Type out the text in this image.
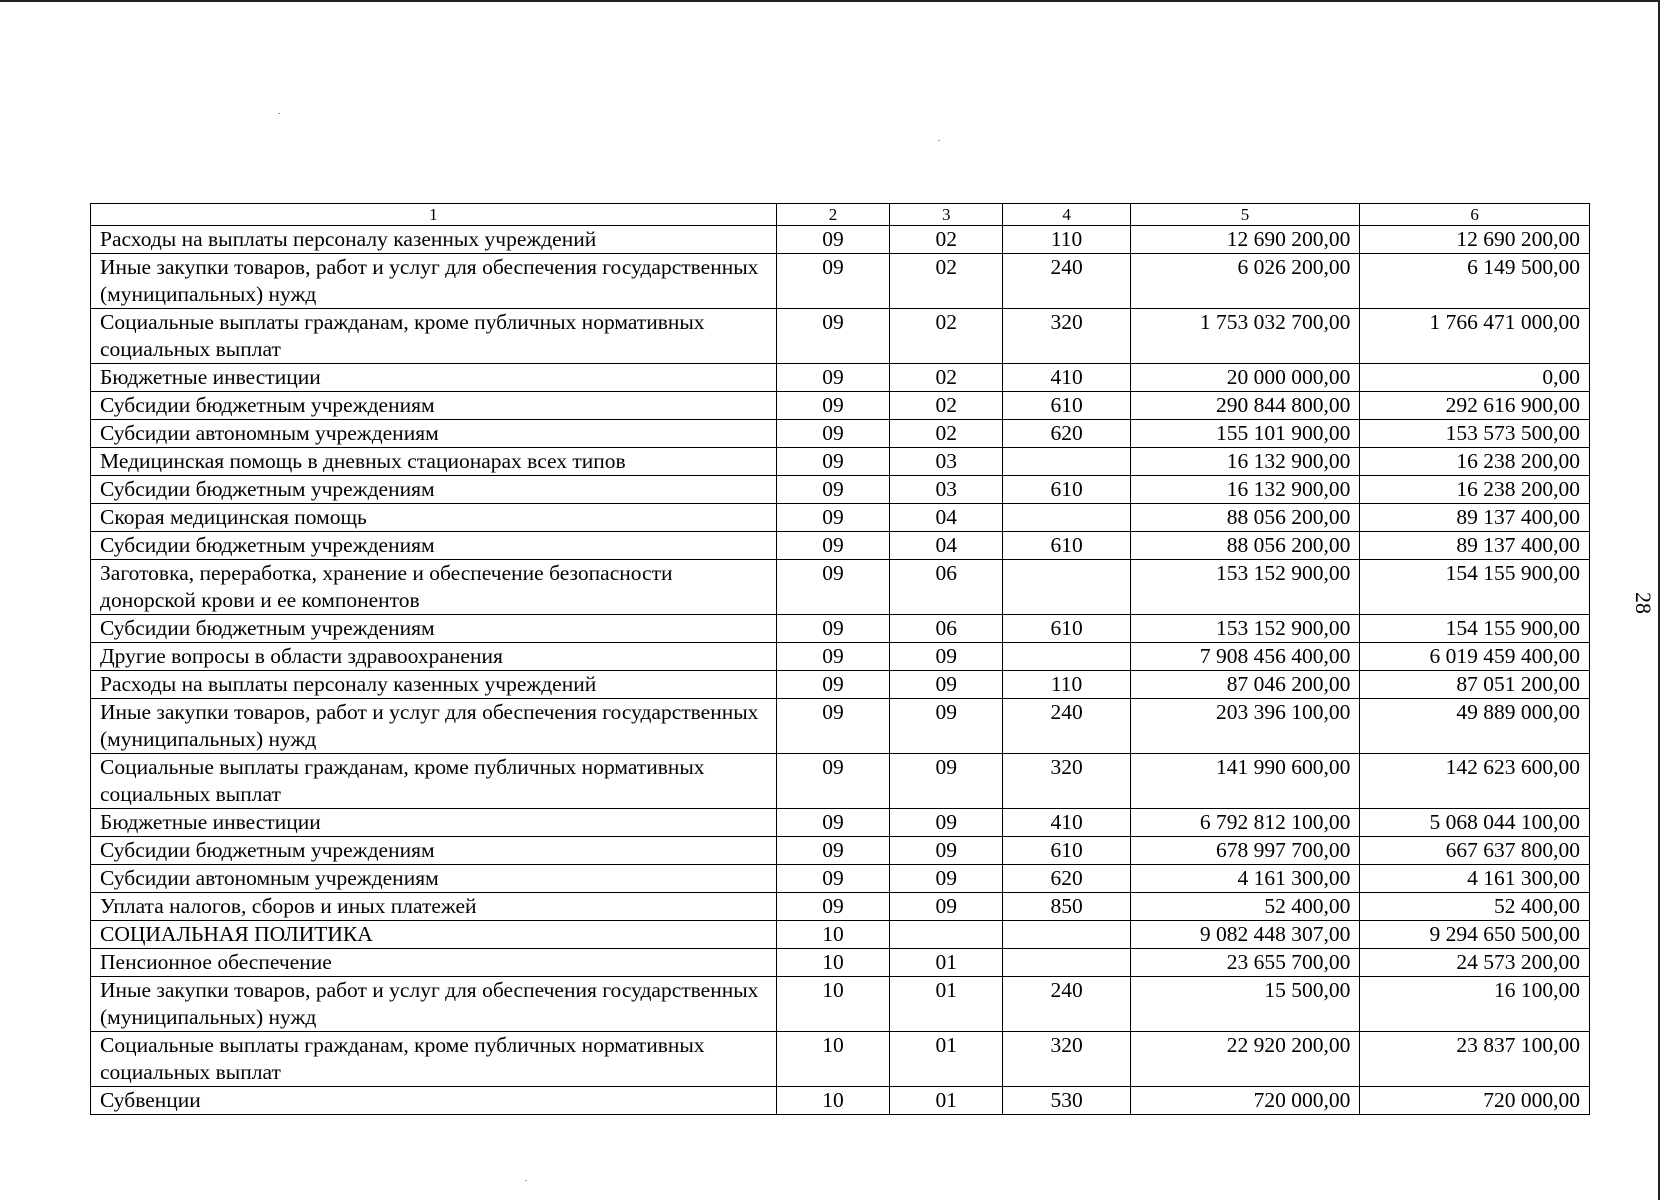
28
1	2	3	4	5	6
Расходы на выплаты персоналу казенных учреждений	09	02	110	12 690 200,00	12 690 200,00
Иные закупки товаров, работ и услуг для обеспечения государственных (муниципальных) нужд	09	02	240	6 026 200,00	6 149 500,00
Социальные выплаты гражданам, кроме публичных нормативных социальных выплат	09	02	320	1 753 032 700,00	1 766 471 000,00
Бюджетные инвестиции	09	02	410	20 000 000,00	0,00
Субсидии бюджетным учреждениям	09	02	610	290 844 800,00	292 616 900,00
Субсидии автономным учреждениям	09	02	620	155 101 900,00	153 573 500,00
Медицинская помощь в дневных стационарах всех типов	09	03		16 132 900,00	16 238 200,00
Субсидии бюджетным учреждениям	09	03	610	16 132 900,00	16 238 200,00
Скорая медицинская помощь	09	04		88 056 200,00	89 137 400,00
Субсидии бюджетным учреждениям	09	04	610	88 056 200,00	89 137 400,00
Заготовка, переработка, хранение и обеспечение безопасности донорской крови и ее компонентов	09	06		153 152 900,00	154 155 900,00
Субсидии бюджетным учреждениям	09	06	610	153 152 900,00	154 155 900,00
Другие вопросы в области здравоохранения	09	09		7 908 456 400,00	6 019 459 400,00
Расходы на выплаты персоналу казенных учреждений	09	09	110	87 046 200,00	87 051 200,00
Иные закупки товаров, работ и услуг для обеспечения государственных (муниципальных) нужд	09	09	240	203 396 100,00	49 889 000,00
Социальные выплаты гражданам, кроме публичных нормативных социальных выплат	09	09	320	141 990 600,00	142 623 600,00
Бюджетные инвестиции	09	09	410	6 792 812 100,00	5 068 044 100,00
Субсидии бюджетным учреждениям	09	09	610	678 997 700,00	667 637 800,00
Субсидии автономным учреждениям	09	09	620	4 161 300,00	4 161 300,00
Уплата налогов, сборов и иных платежей	09	09	850	52 400,00	52 400,00
СОЦИАЛЬНАЯ ПОЛИТИКА	10			9 082 448 307,00	9 294 650 500,00
Пенсионное обеспечение	10	01		23 655 700,00	24 573 200,00
Иные закупки товаров, работ и услуг для обеспечения государственных (муниципальных) нужд	10	01	240	15 500,00	16 100,00
Социальные выплаты гражданам, кроме публичных нормативных социальных выплат	10	01	320	22 920 200,00	23 837 100,00
Субвенции	10	01	530	720 000,00	720 000,00
